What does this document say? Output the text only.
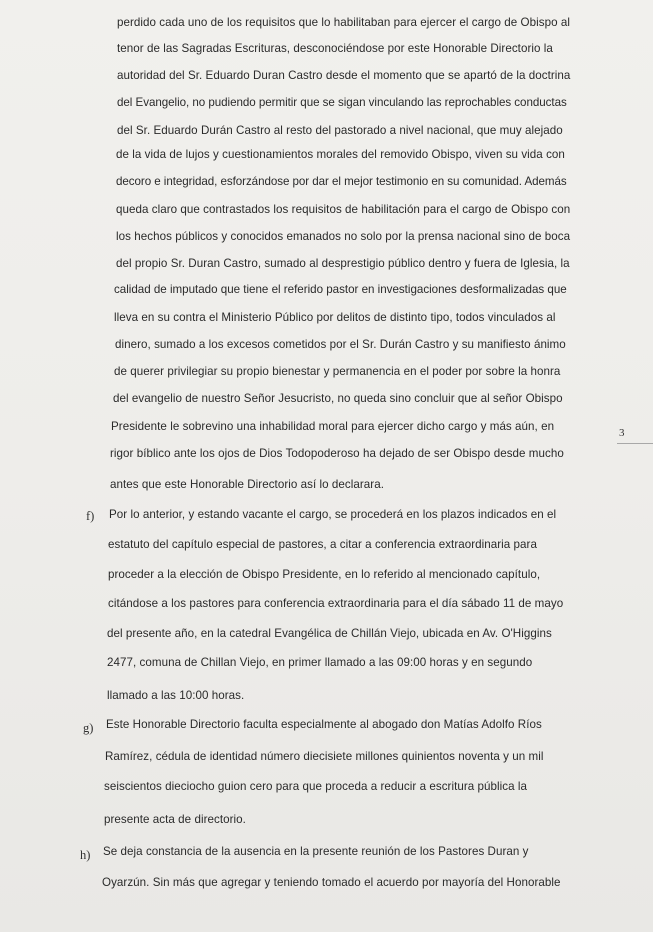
perdido cada uno de los requisitos que lo habilitaban para ejercer el cargo de Obispo al
tenor de las Sagradas Escrituras, desconociéndose por este Honorable Directorio la
autoridad del Sr. Eduardo Duran Castro desde el momento que se apartó de la doctrina
del Evangelio, no pudiendo permitir que se sigan vinculando las reprochables conductas
del Sr. Eduardo Durán Castro al resto del pastorado a nivel nacional, que muy alejado
de la vida de lujos y cuestionamientos morales del removido Obispo, viven su vida con
decoro e integridad, esforzándose por dar el mejor testimonio en su comunidad. Además
queda claro que contrastados los requisitos de habilitación para el cargo de Obispo con
los hechos públicos y conocidos emanados no solo por la prensa nacional sino de boca
del propio Sr. Duran Castro, sumado al desprestigio público dentro y fuera de Iglesia, la
calidad de imputado que tiene el referido pastor en investigaciones desformalizadas que
lleva en su contra el Ministerio Público por delitos de distinto tipo, todos vinculados al
dinero, sumado a los excesos cometidos por el Sr. Durán Castro y su manifiesto ánimo
de querer privilegiar su propio bienestar y permanencia en el poder por sobre la honra
del evangelio de nuestro Señor Jesucristo, no queda sino concluir que al señor Obispo
Presidente le sobrevino una inhabilidad moral para ejercer dicho cargo y más aún, en
rigor bíblico ante los ojos de Dios Todopoderoso ha dejado de ser Obispo desde mucho
antes que este Honorable Directorio así lo declarara.
3
f) Por lo anterior, y estando vacante el cargo, se procederá en los plazos indicados en el
estatuto del capítulo especial de pastores, a citar a conferencia extraordinaria para
proceder a la elección de Obispo Presidente, en lo referido al mencionado capítulo,
citándose a los pastores para conferencia extraordinaria para el día sábado 11 de mayo
del presente año, en la catedral Evangélica de Chillán Viejo, ubicada en Av. O'Higgins
2477, comuna de Chillan Viejo, en primer llamado a las 09:00 horas y en segundo
llamado a las 10:00 horas.
g) Este Honorable Directorio faculta especialmente al abogado don Matías Adolfo Ríos
Ramírez, cédula de identidad número diecisiete millones quinientos noventa y un mil
seiscientos dieciocho guion cero para que proceda a reducir a escritura pública la
presente acta de directorio.
h) Se deja constancia de la ausencia en la presente reunión de los Pastores Duran y
Oyarzún. Sin más que agregar y teniendo tomado el acuerdo por mayoría del Honorable
